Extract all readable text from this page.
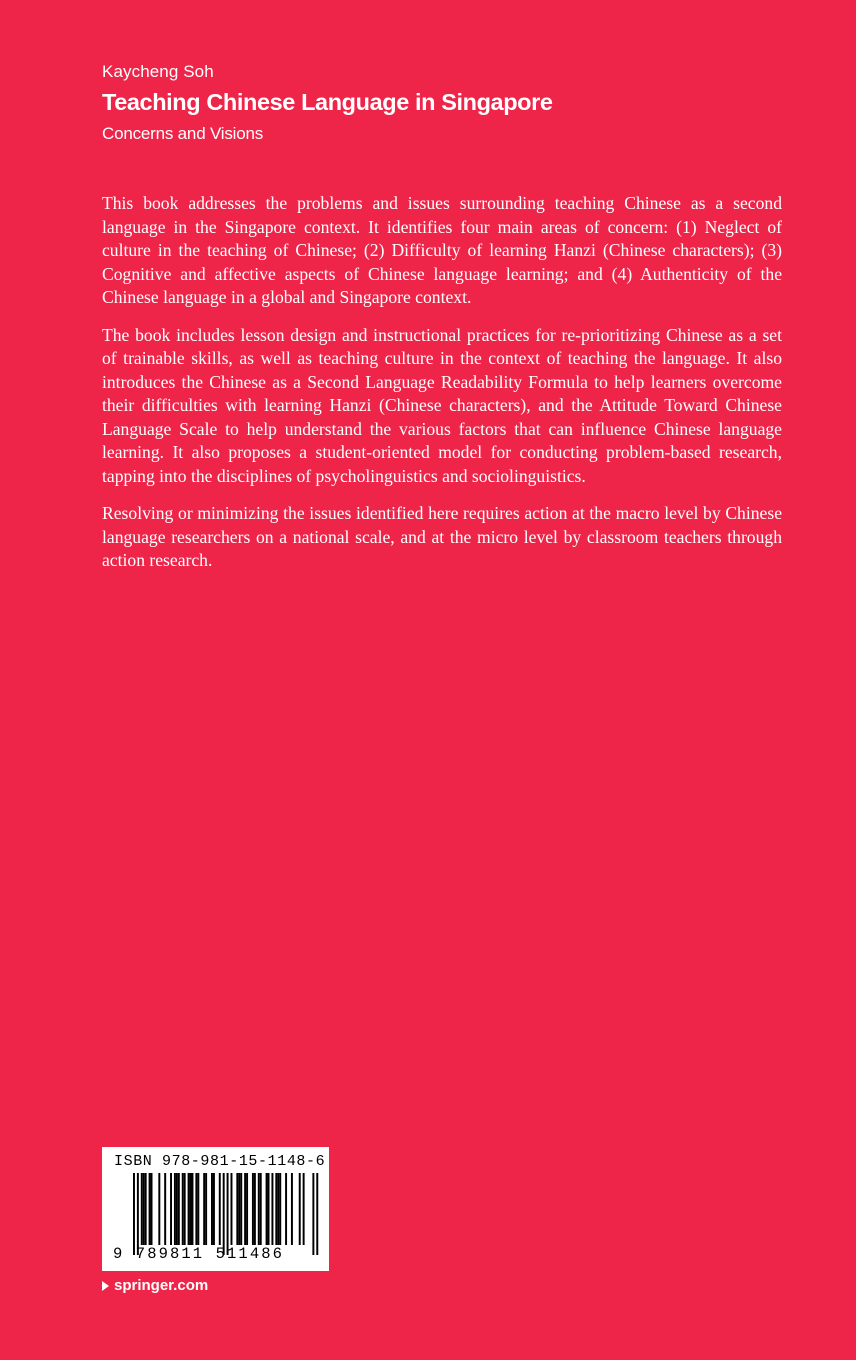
Kaycheng Soh
Teaching Chinese Language in Singapore
Concerns and Visions

This book addresses the problems and issues surrounding teaching Chinese as a second language in the Singapore context. It identifies four main areas of concern: (1) Neglect of culture in the teaching of Chinese; (2) Difficulty of learning Hanzi (Chinese characters); (3) Cognitive and affective aspects of Chinese language learning; and (4) Authenticity of the Chinese language in a global and Singapore context.

The book includes lesson design and instructional practices for re-prioritizing Chinese as a set of trainable skills, as well as teaching culture in the context of teaching the language. It also introduces the Chinese as a Second Language Readability Formula to help learners overcome their difficulties with learning Hanzi (Chinese characters), and the Attitude Toward Chinese Language Scale to help understand the various factors that can influence Chinese language learning. It also proposes a student-oriented model for conducting problem-based research, tapping into the disciplines of psycholinguistics and sociolinguistics.

Resolving or minimizing the issues identified here requires action at the macro level by Chinese language researchers on a national scale, and at the micro level by classroom teachers through action research.

ISBN 978-981-15-1148-6
9 789811 511486
springer.com
